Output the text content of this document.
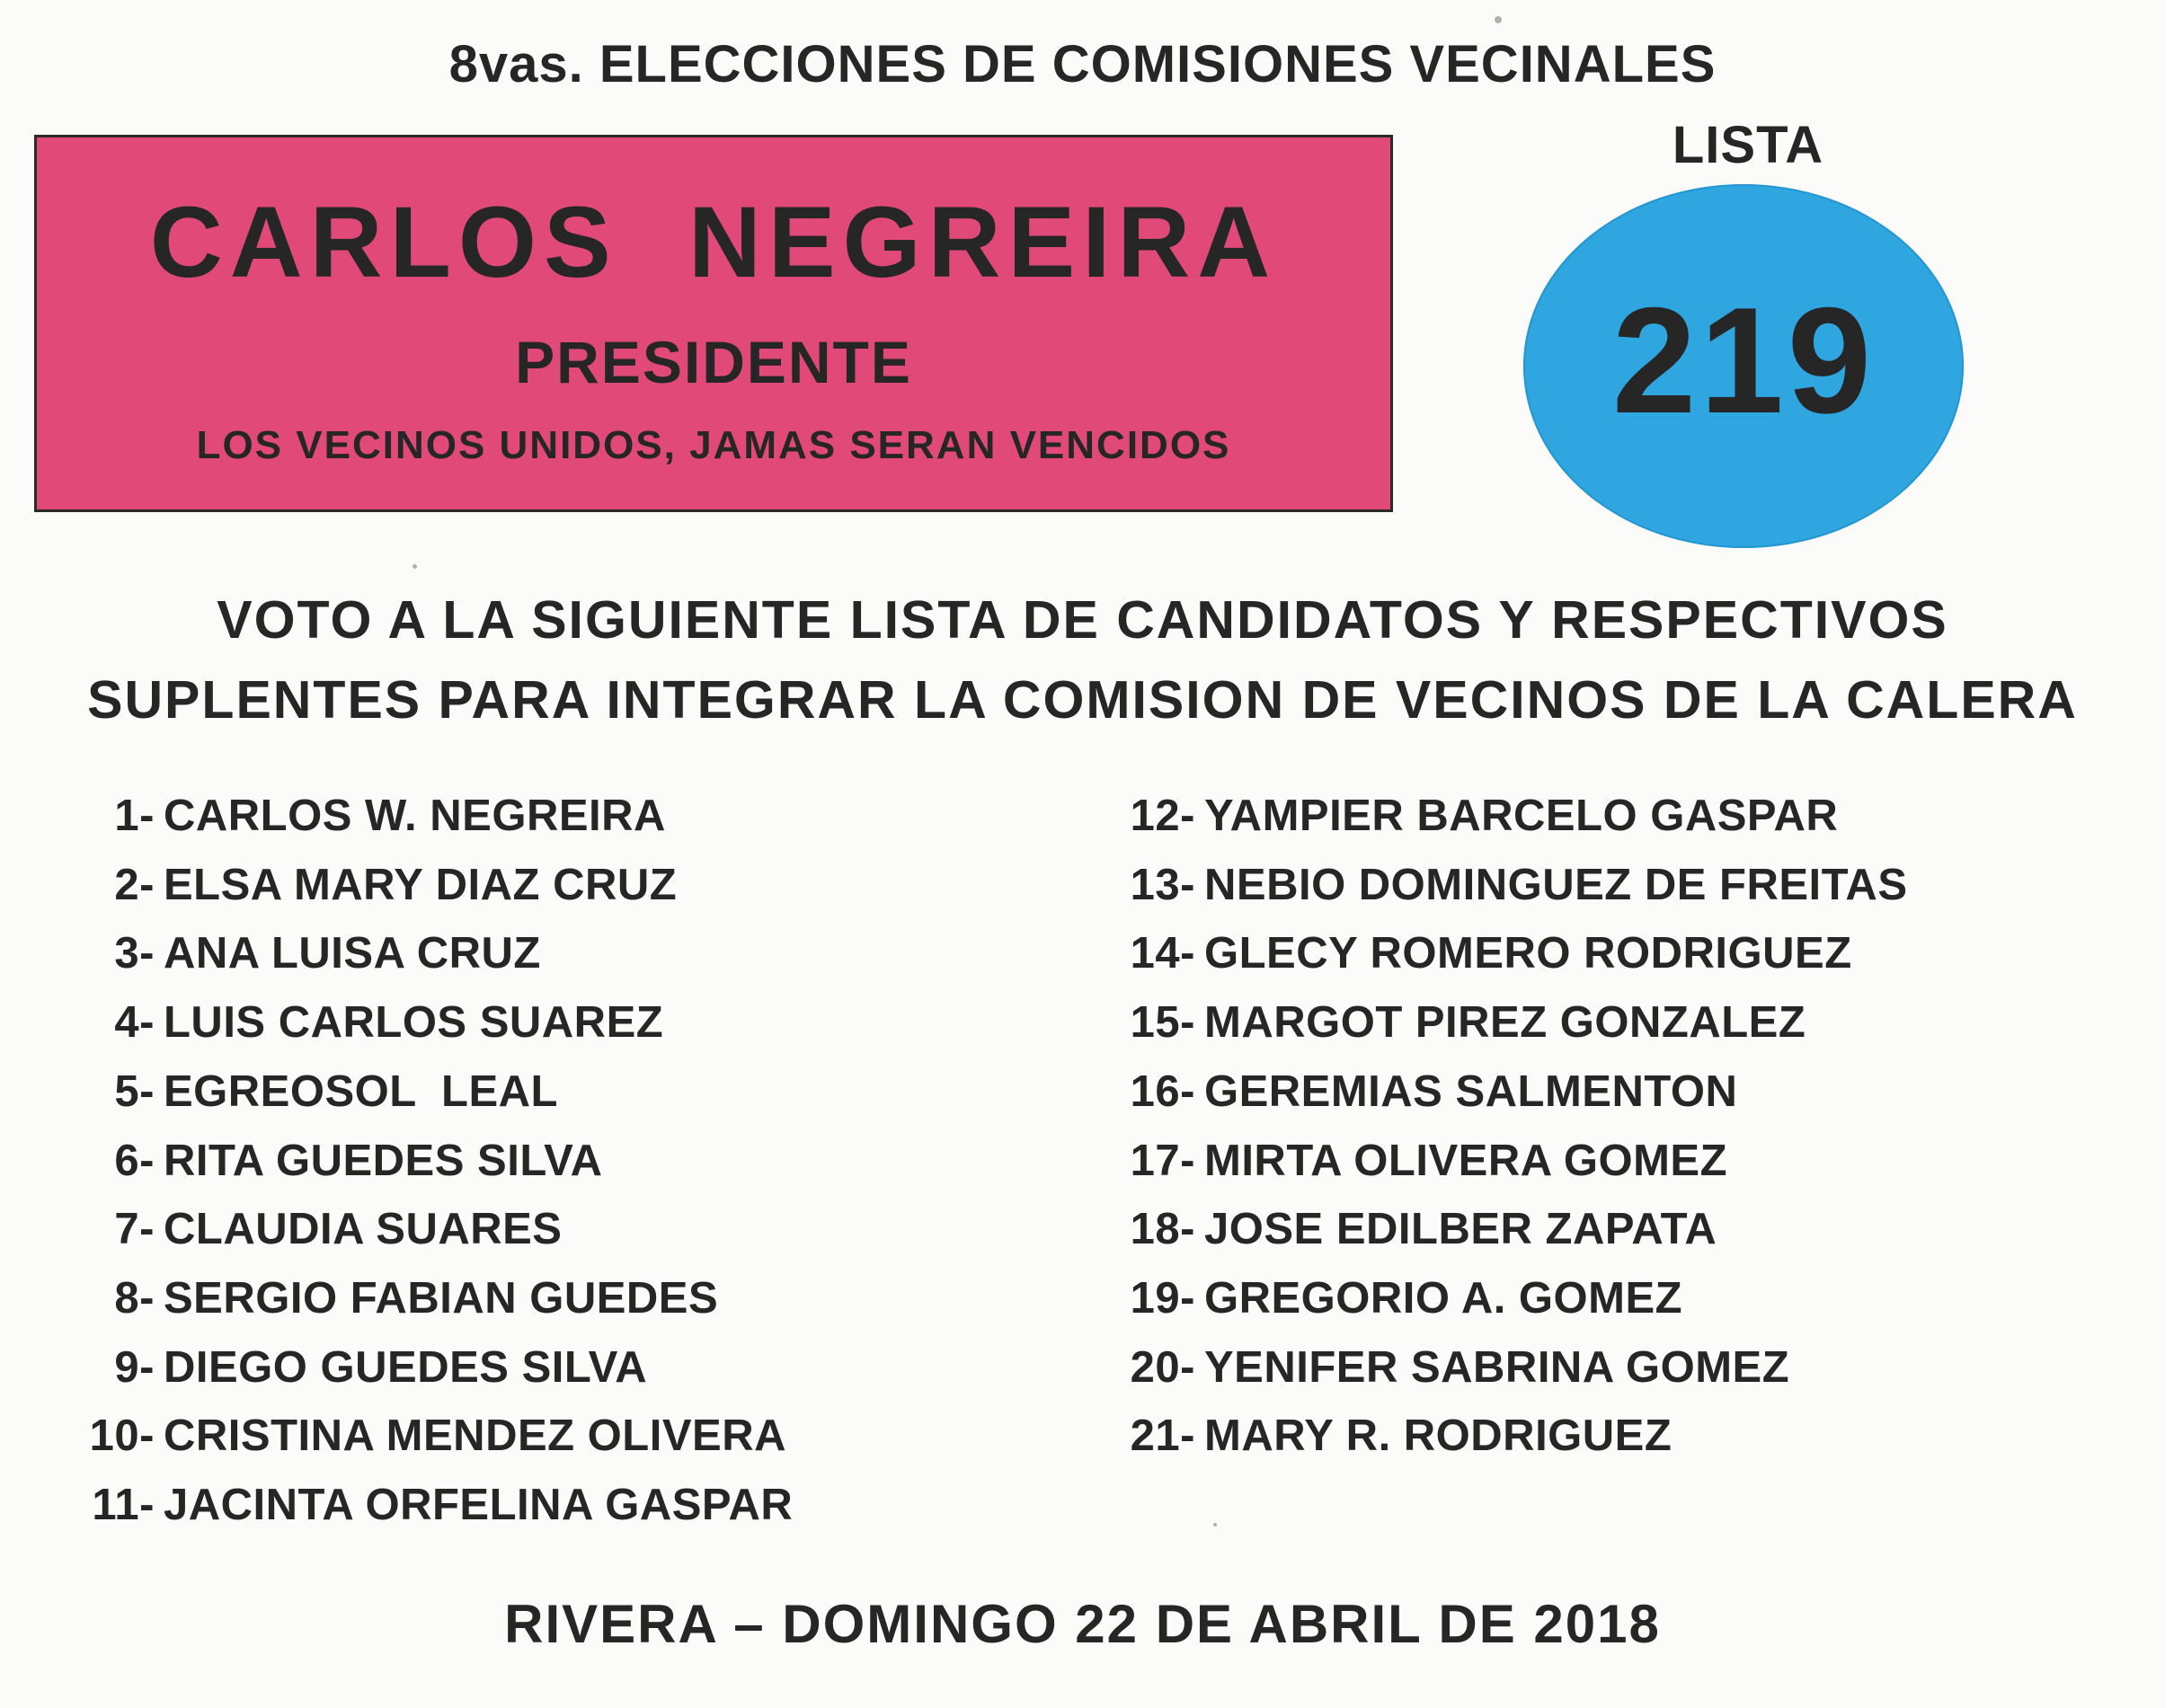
8vas. ELECCIONES DE COMISIONES VECINALES
CARLOS  NEGREIRA
PRESIDENTE
LOS VECINOS UNIDOS, JAMAS SERAN VENCIDOS
LISTA
219
VOTO A LA SIGUIENTE LISTA DE CANDIDATOS Y RESPECTIVOS
SUPLENTES PARA INTEGRAR LA COMISION DE VECINOS DE LA CALERA
1- CARLOS W. NEGREIRA
2- ELSA MARY DIAZ CRUZ
3- ANA LUISA CRUZ
4- LUIS CARLOS SUAREZ
5- EGREOSOL  LEAL
6- RITA GUEDES SILVA
7- CLAUDIA SUARES
8- SERGIO FABIAN GUEDES
9- DIEGO GUEDES SILVA
10- CRISTINA MENDEZ OLIVERA
11- JACINTA ORFELINA GASPAR
12- YAMPIER BARCELO GASPAR
13- NEBIO DOMINGUEZ DE FREITAS
14- GLECY ROMERO RODRIGUEZ
15- MARGOT PIREZ GONZALEZ
16- GEREMIAS SALMENTON
17- MIRTA OLIVERA GOMEZ
18- JOSE EDILBER ZAPATA
19- GREGORIO A. GOMEZ
20- YENIFER SABRINA GOMEZ
21- MARY R. RODRIGUEZ
RIVERA – DOMINGO 22 DE ABRIL DE 2018
